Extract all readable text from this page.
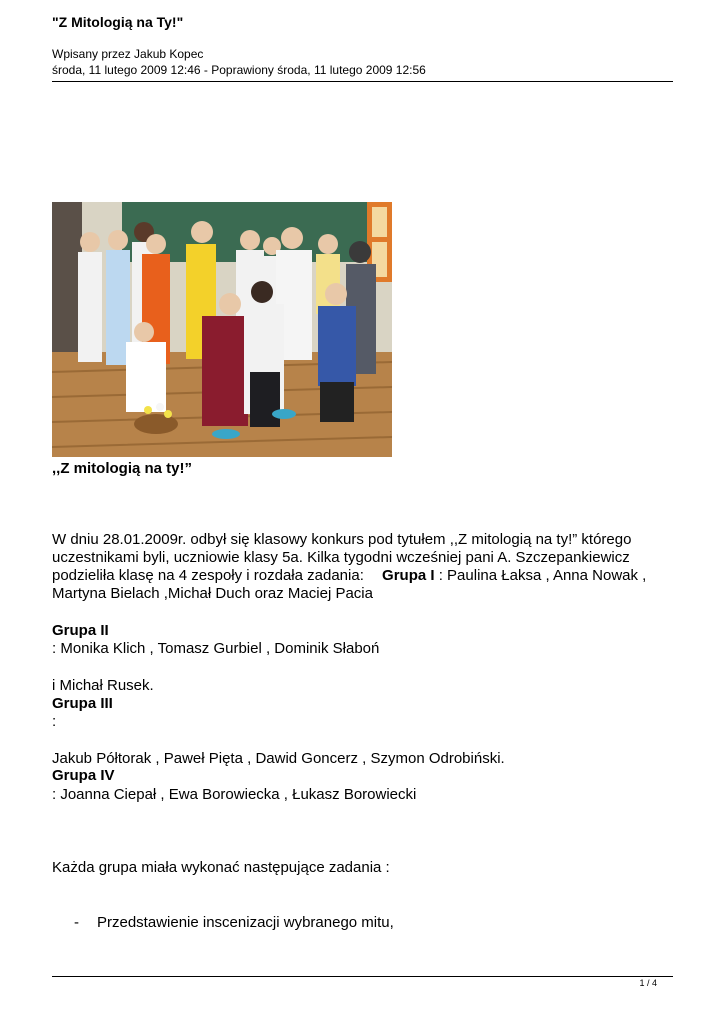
"Z Mitologią na Ty!"
Wpisany przez Jakub Kopec
środa, 11 lutego 2009 12:46 - Poprawiony środa, 11 lutego 2009 12:56
,,Z mitologią na ty!”
W dniu 28.01.2009r. odbył się klasowy konkurs pod tytułem ,,Z mitologią na ty!” którego
uczestnikami byli, uczniowie klasy 5a. Kilka tygodni wcześniej pani A. Szczepankiewicz
podzieliła klasę na 4 zespoły i rozdała zadania: Grupa I : Paulina Łaksa , Anna Nowak ,
Martyna Bielach ,Michał Duch oraz Maciej Pacia
Grupa II
: Monika Klich , Tomasz Gurbiel , Dominik Słaboń
i Michał Rusek.
Grupa III
:
Jakub Półtorak , Paweł Pięta , Dawid Goncerz , Szymon Odrobiński.
Grupa IV
: Joanna Ciepał , Ewa Borowiecka , Łukasz Borowiecki
Każda grupa miała wykonać następujące zadania :
- Przedstawienie inscenizacji wybranego mitu,
1 / 4
